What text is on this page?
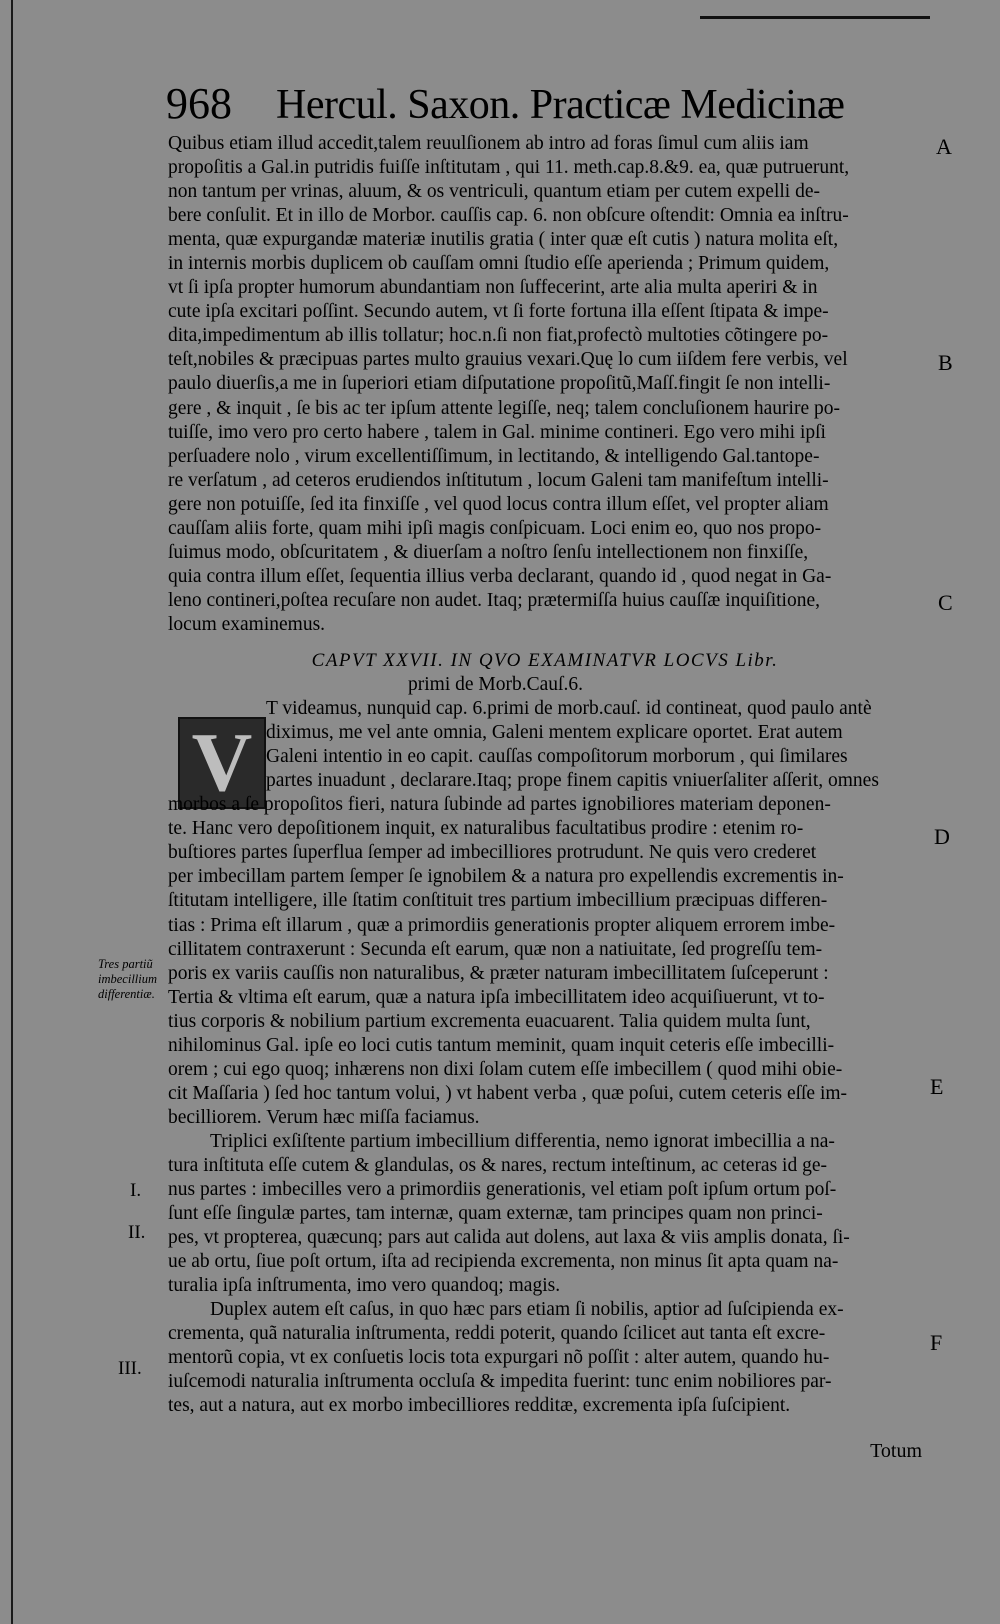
968 Hercul. Saxon. Practicæ Medicinæ
A
B
C
D
E
F
Tres partiũ
imbecillium
differentiæ.
I.
II.
III.
V
Quibus etiam illud accedit,talem reuulſionem ab intro ad foras ſimul cum aliis iam
propoſitis a Gal.in putridis fuiſſe inſtitutam , qui 11. meth.cap.8.&9. ea, quæ putruerunt,
non tantum per vrinas, aluum, & os ventriculi, quantum etiam per cutem expelli de-
bere conſulit. Et in illo de Morbor. cauſſis cap. 6. non obſcure oſtendit: Omnia ea inſtru-
menta, quæ expurgandæ materiæ inutilis gratia ( inter quæ eſt cutis ) natura molita eſt,
in internis morbis duplicem ob cauſſam omni ſtudio eſſe aperienda ; Primum quidem,
vt ſi ipſa propter humorum abundantiam non ſuffecerint, arte alia multa aperiri & in
cute ipſa excitari poſſint. Secundo autem, vt ſi forte fortuna illa eſſent ſtipata & impe-
dita,impedimentum ab illis tollatur; hoc.n.ſi non fiat,profectò multoties cõtingere po-
teſt,nobiles & præcipuas partes multo grauius vexari.Quę lo cum iiſdem fere verbis, vel
paulo diuerſis,a me in ſuperiori etiam diſputatione propoſitũ,Maſſ.fingit ſe non intelli-
gere , & inquit , ſe bis ac ter ipſum attente legiſſe, neq; talem concluſionem haurire po-
tuiſſe, imo vero pro certo habere , talem in Gal. minime contineri. Ego vero mihi ipſi
perſuadere nolo , virum excellentiſſimum, in lectitando, & intelligendo Gal.tantope-
re verſatum , ad ceteros erudiendos inſtitutum , locum Galeni tam manifeſtum intelli-
gere non potuiſſe, ſed ita finxiſſe , vel quod locus contra illum eſſet, vel propter aliam
cauſſam aliis forte, quam mihi ipſi magis conſpicuam. Loci enim eo, quo nos propo-
ſuimus modo, obſcuritatem , & diuerſam a noſtro ſenſu intellectionem non finxiſſe,
quia contra illum eſſet, ſequentia illius verba declarant, quando id , quod negat in Ga-
leno contineri,poſtea recuſare non audet. Itaq; prætermiſſa huius cauſſæ inquiſitione,
locum examinemus.
CAPVT XXVII. IN QVO EXAMINATVR LOCVS Libr.
primi de Morb.Cauſ.6.
T videamus, nunquid cap. 6.primi de morb.cauſ. id contineat, quod paulo antè
diximus, me vel ante omnia, Galeni mentem explicare oportet. Erat autem
Galeni intentio in eo capit. cauſſas compoſitorum morborum , qui ſimilares
partes inuadunt , declarare.Itaq; prope finem capitis vniuerſaliter aſſerit, omnes
morbos a ſe propoſitos fieri, natura ſubinde ad partes ignobiliores materiam deponen-
te. Hanc vero depoſitionem inquit, ex naturalibus facultatibus prodire : etenim ro-
buſtiores partes ſuperflua ſemper ad imbecilliores protrudunt. Ne quis vero crederet
per imbecillam partem ſemper ſe ignobilem & a natura pro expellendis excrementis in-
ſtitutam intelligere, ille ſtatim conſtituit tres partium imbecillium præcipuas differen-
tias : Prima eſt illarum , quæ a primordiis generationis propter aliquem errorem imbe-
cillitatem contraxerunt : Secunda eſt earum, quæ non a natiuitate, ſed progreſſu tem-
poris ex variis cauſſis non naturalibus, & præter naturam imbecillitatem ſuſceperunt :
Tertia & vltima eſt earum, quæ a natura ipſa imbecillitatem ideo acquiſiuerunt, vt to-
tius corporis & nobilium partium excrementa euacuarent. Talia quidem multa ſunt,
nihilominus Gal. ipſe eo loci cutis tantum meminit, quam inquit ceteris eſſe imbecilli-
orem ; cui ego quoq; inhærens non dixi ſolam cutem eſſe imbecillem ( quod mihi obie-
cit Maſſaria ) ſed hoc tantum volui, ) vt habent verba , quæ poſui, cutem ceteris eſſe im-
becilliorem. Verum hæc miſſa faciamus.
Triplici exſiſtente partium imbecillium differentia, nemo ignorat imbecillia a na-
tura inſtituta eſſe cutem & glandulas, os & nares, rectum inteſtinum, ac ceteras id ge-
nus partes : imbecilles vero a primordiis generationis, vel etiam poſt ipſum ortum poſ-
ſunt eſſe ſingulæ partes, tam internæ, quam externæ, tam principes quam non princi-
pes, vt propterea, quæcunq; pars aut calida aut dolens, aut laxa & viis amplis donata, ſi-
ue ab ortu, ſiue poſt ortum, iſta ad recipienda excrementa, non minus ſit apta quam na-
turalia ipſa inſtrumenta, imo vero quandoq; magis.
Duplex autem eſt caſus, in quo hæc pars etiam ſi nobilis, aptior ad ſuſcipienda ex-
crementa, quã naturalia inſtrumenta, reddi poterit, quando ſcilicet aut tanta eſt excre-
mentorũ copia, vt ex conſuetis locis tota expurgari nõ poſſit : alter autem, quando hu-
iuſcemodi naturalia inſtrumenta occluſa & impedita fuerint: tunc enim nobiliores par-
tes, aut a natura, aut ex morbo imbecilliores redditæ, excrementa ipſa ſuſcipient.
Totum
